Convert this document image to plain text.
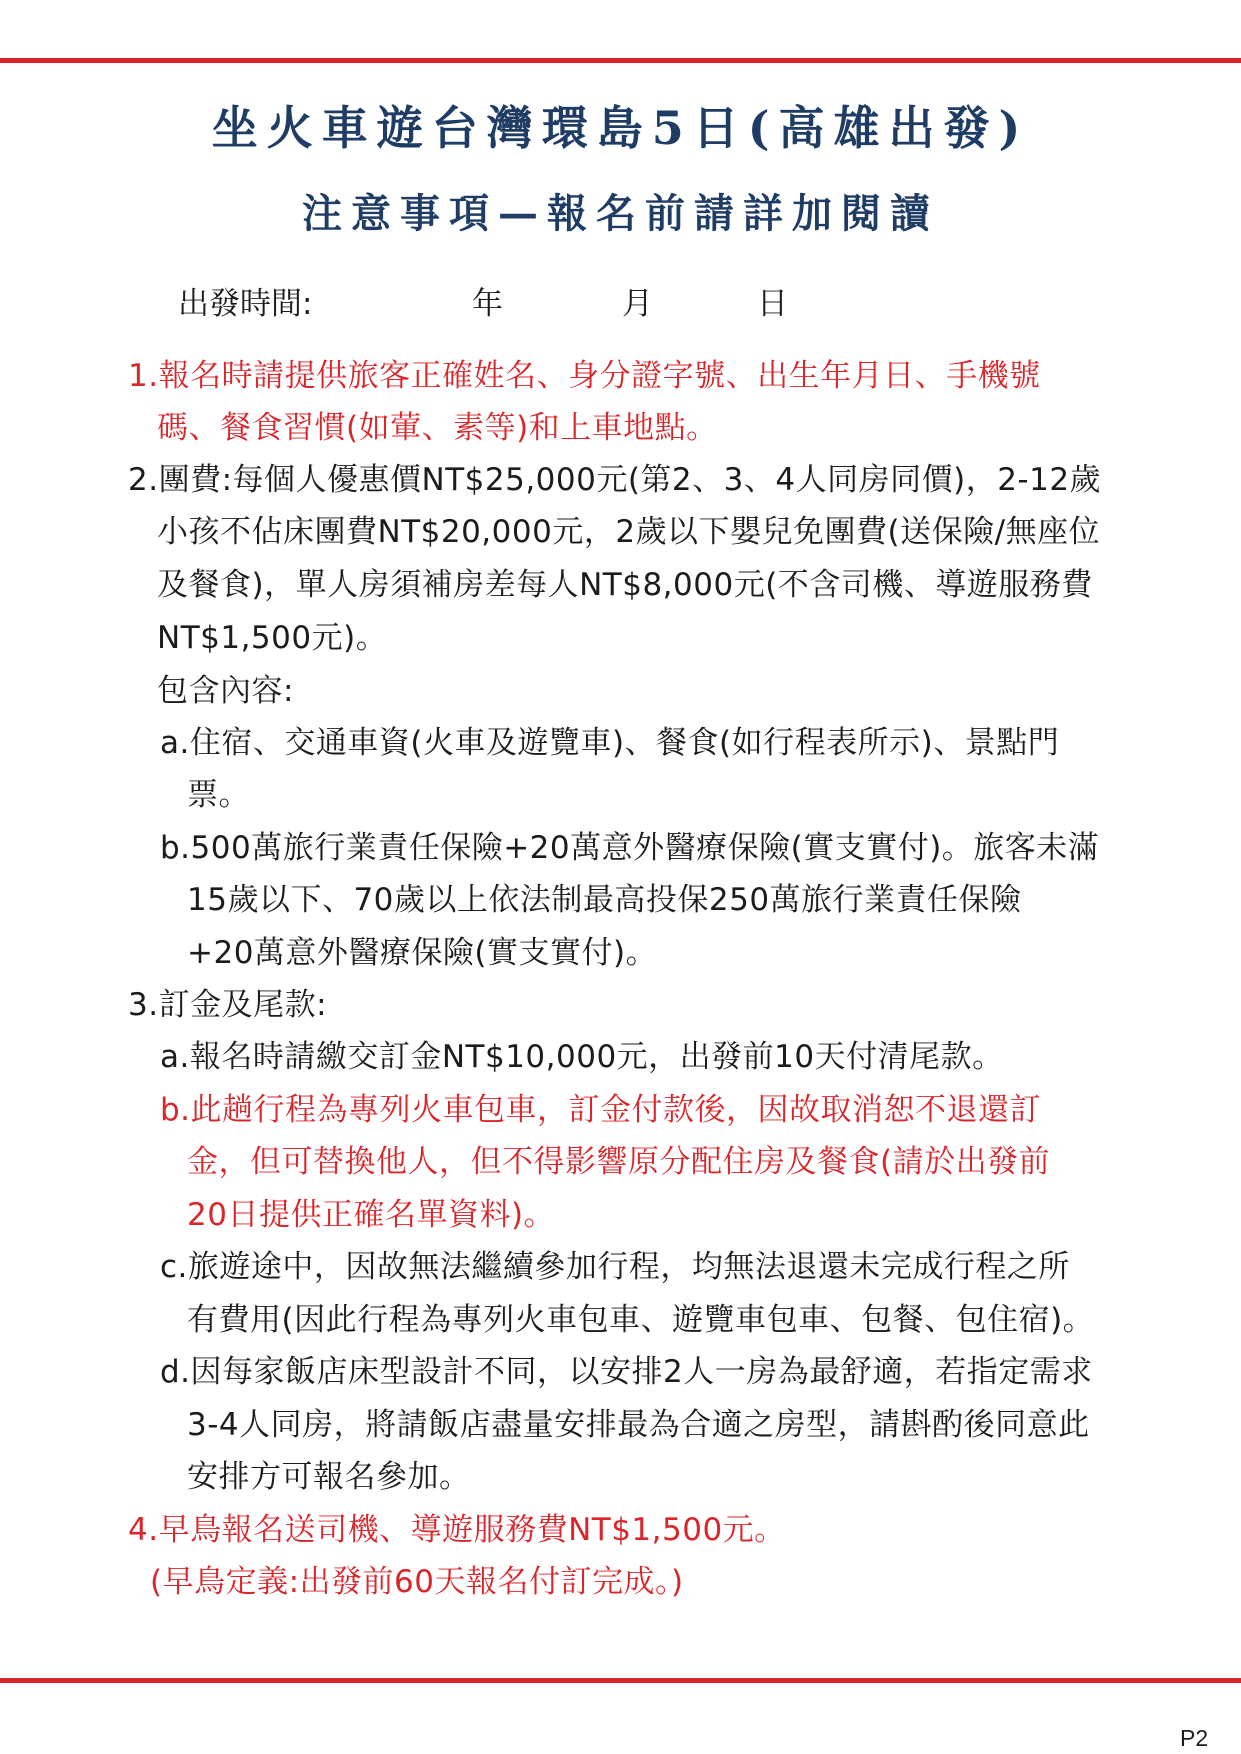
坐火車遊台灣環島5日(高雄出發)
注意事項—報名前請詳加閱讀
出發時間:	年	月	日
1.報名時請提供旅客正確姓名、身分證字號、出生年月日、手機號
碼、餐食習慣(如葷、素等)和上車地點。
2.團費:每個人優惠價NT$25,000元(第2、3、4人同房同價)，2-12歲
小孩不佔床團費NT$20,000元，2歲以下嬰兒免團費(送保險/無座位
及餐食)，單人房須補房差每人NT$8,000元(不含司機、導遊服務費
NT$1,500元)。
包含內容:
a.住宿、交通車資(火車及遊覽車)、餐食(如行程表所示)、景點門
票。
b.500萬旅行業責任保險+20萬意外醫療保險(實支實付)。旅客未滿
15歲以下、70歲以上依法制最高投保250萬旅行業責任保險
+20萬意外醫療保險(實支實付)。
3.訂金及尾款:
a.報名時請繳交訂金NT$10,000元，出發前10天付清尾款。
b.此趟行程為專列火車包車，訂金付款後，因故取消恕不退還訂
金，但可替換他人，但不得影響原分配住房及餐食(請於出發前
20日提供正確名單資料)。
c.旅遊途中，因故無法繼續參加行程，均無法退還未完成行程之所
有費用(因此行程為專列火車包車、遊覽車包車、包餐、包住宿)。
d.因每家飯店床型設計不同，以安排2人一房為最舒適，若指定需求
3-4人同房，將請飯店盡量安排最為合適之房型，請斟酌後同意此
安排方可報名參加。
4.早鳥報名送司機、導遊服務費NT$1,500元。
(早鳥定義:出發前60天報名付訂完成。)
P2
